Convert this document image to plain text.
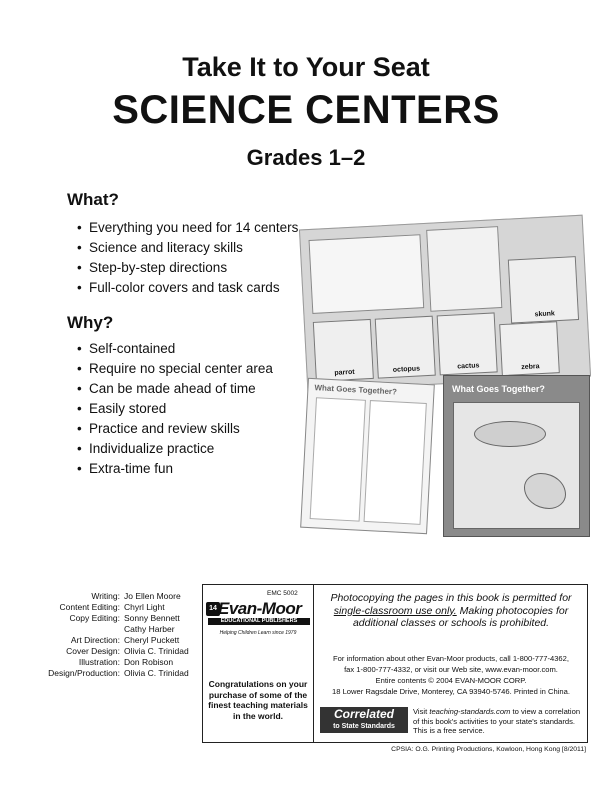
Take It to Your Seat
SCIENCE CENTERS
Grades 1–2
What?
• Everything you need for 14 centers
• Science and literacy skills
• Step-by-step directions
• Full-color covers and task cards
Why?
• Self-contained
• Require no special center area
• Can be made ahead of time
• Easily stored
• Practice and review skills
• Individualize practice
• Extra-time fun
skunk
parrot	octopus	cactus	zebra
What Goes Together?	What Goes Together?
Writing: Jo Ellen Moore
Content Editing: Chyrl Light
Copy Editing: Sonny Bennett
Cathy Harber
Art Direction: Cheryl Puckett
Cover Design: Olivia C. Trinidad
Illustration: Don Robison
Design/Production: Olivia C. Trinidad
EMC 5002
14 Evan-Moor
EDUCATIONAL PUBLISHERS
Helping Children Learn since 1979
Congratulations on your purchase of some of the finest teaching materials in the world.
Photocopying the pages in this book is permitted for single-classroom use only. Making photocopies for additional classes or schools is prohibited.
For information about other Evan-Moor products, call 1-800-777-4362,
fax 1-800-777-4332, or visit our Web site, www.evan-moor.com.
Entire contents © 2004 EVAN-MOOR CORP.
18 Lower Ragsdale Drive, Monterey, CA 93940-5746. Printed in China.
Correlated
to State Standards
Visit teaching-standards.com to view a correlation of this book's activities to your state's standards. This is a free service.
CPSIA: O.G. Printing Productions, Kowloon, Hong Kong [8/2011]
